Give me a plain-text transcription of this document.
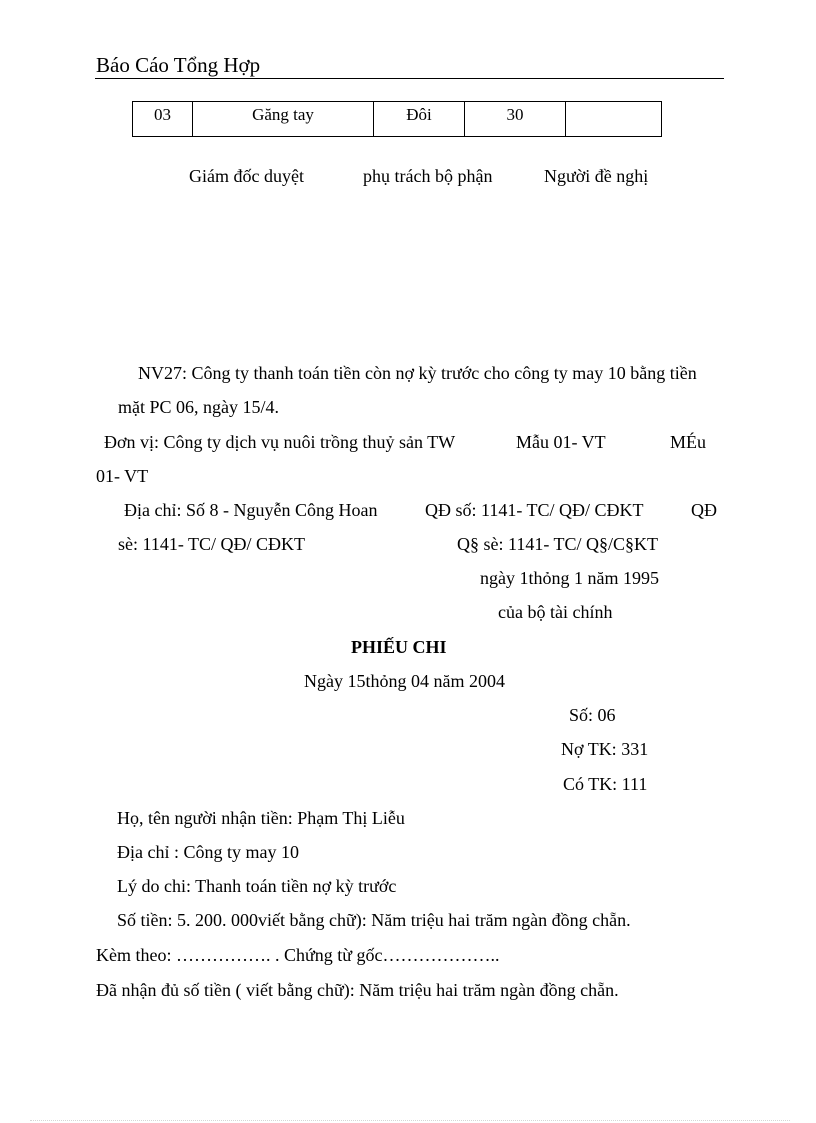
Báo Cáo Tổng Hợp
03	Găng tay	Đôi	30	
Giám đốc duyệt	phụ trách bộ phận	Người đề nghị
NV27: Công ty thanh toán tiền còn nợ kỳ trước cho công ty may 10 bằng tiền
mặt PC 06, ngày 15/4.
Đơn vị: Công ty dịch vụ nuôi trồng thuỷ sản TW	Mẫu 01- VT	MÉu
01- VT
Địa chỉ: Số 8 - Nguyễn Công Hoan	QĐ số: 1141- TC/ QĐ/ CĐKT	QĐ
sè: 1141- TC/ QĐ/ CĐKT	Q§ sè: 1141- TC/ Q§/C§KT
ngày 1thỏng 1 năm 1995
của bộ tài chính
PHIẾU CHI
Ngày 15thỏng 04 năm 2004
Số: 06
Nợ TK: 331
Có TK: 111
Họ, tên người nhận tiền: Phạm Thị Liễu
Địa chỉ : Công ty may 10
Lý do chi: Thanh toán tiền nợ kỳ trước
Số tiền: 5. 200. 000viết bằng chữ): Năm triệu hai trăm ngàn đồng chẵn.
Kèm theo: ……………. . Chứng từ gốc………………..
Đã nhận đủ số tiền ( viết bằng chữ): Năm triệu hai trăm ngàn đồng chẵn.
